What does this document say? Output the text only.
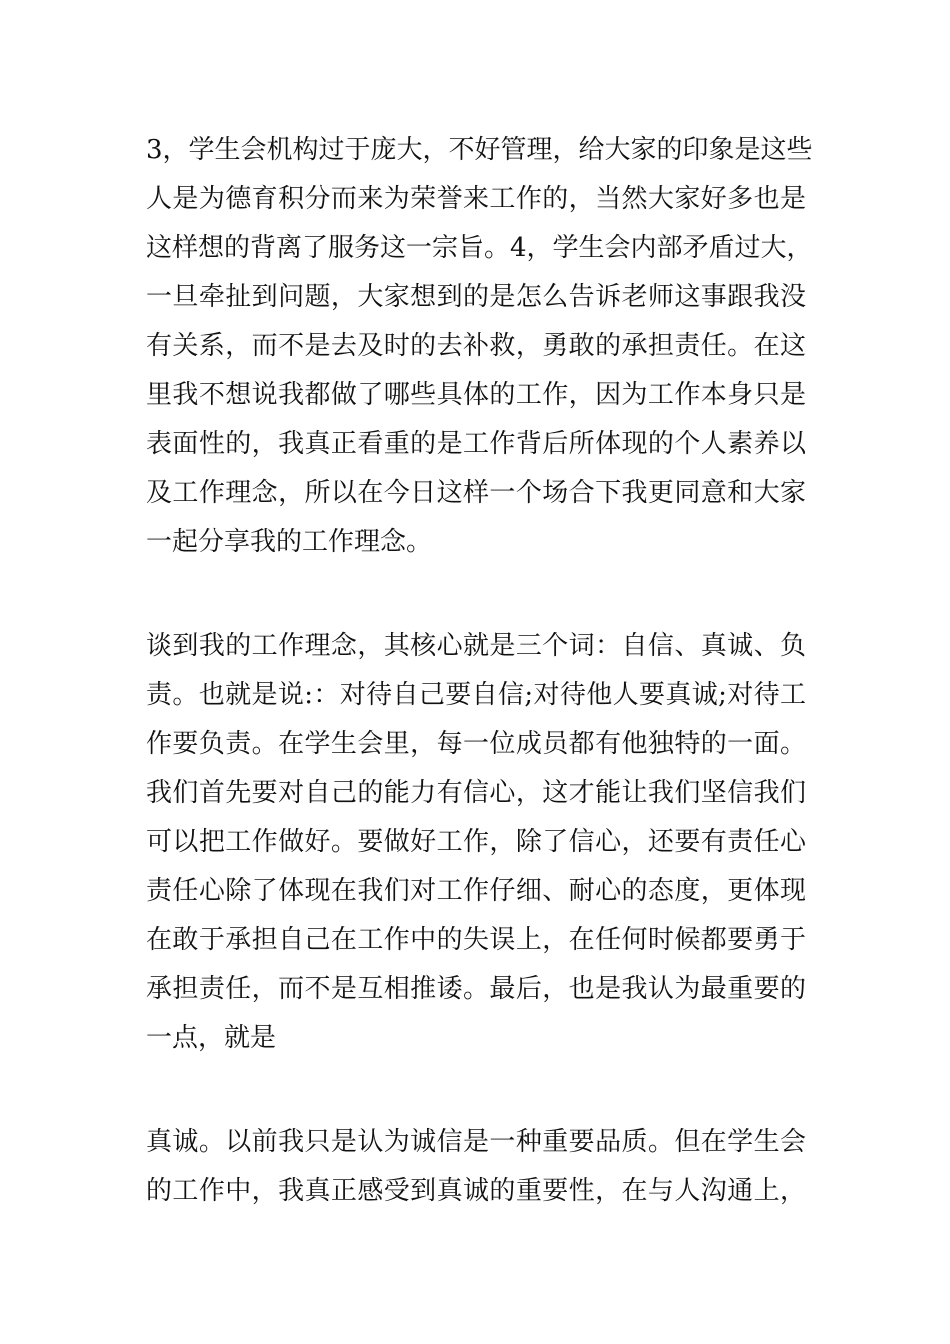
3，学生会机构过于庞大，不好管理，给大家的印象是这些
人是为德育积分而来为荣誉来工作的，当然大家好多也是
这样想的背离了服务这一宗旨。4，学生会内部矛盾过大，
一旦牵扯到问题，大家想到的是怎么告诉老师这事跟我没
有关系，而不是去及时的去补救，勇敢的承担责任。在这
里我不想说我都做了哪些具体的工作，因为工作本身只是
表面性的，我真正看重的是工作背后所体现的个人素养以
及工作理念，所以在今日这样一个场合下我更同意和大家
一起分享我的工作理念。
谈到我的工作理念，其核心就是三个词：自信、真诚、负
责。也就是说:：对待自己要自信;对待他人要真诚;对待工
作要负责。在学生会里，每一位成员都有他独特的一面。
我们首先要对自己的能力有信心，这才能让我们坚信我们
可以把工作做好。要做好工作，除了信心，还要有责任心
责任心除了体现在我们对工作仔细、耐心的态度，更体现
在敢于承担自己在工作中的失误上，在任何时候都要勇于
承担责任，而不是互相推诿。最后，也是我认为最重要的
一点，就是
真诚。以前我只是认为诚信是一种重要品质。但在学生会
的工作中，我真正感受到真诚的重要性，在与人沟通上，
